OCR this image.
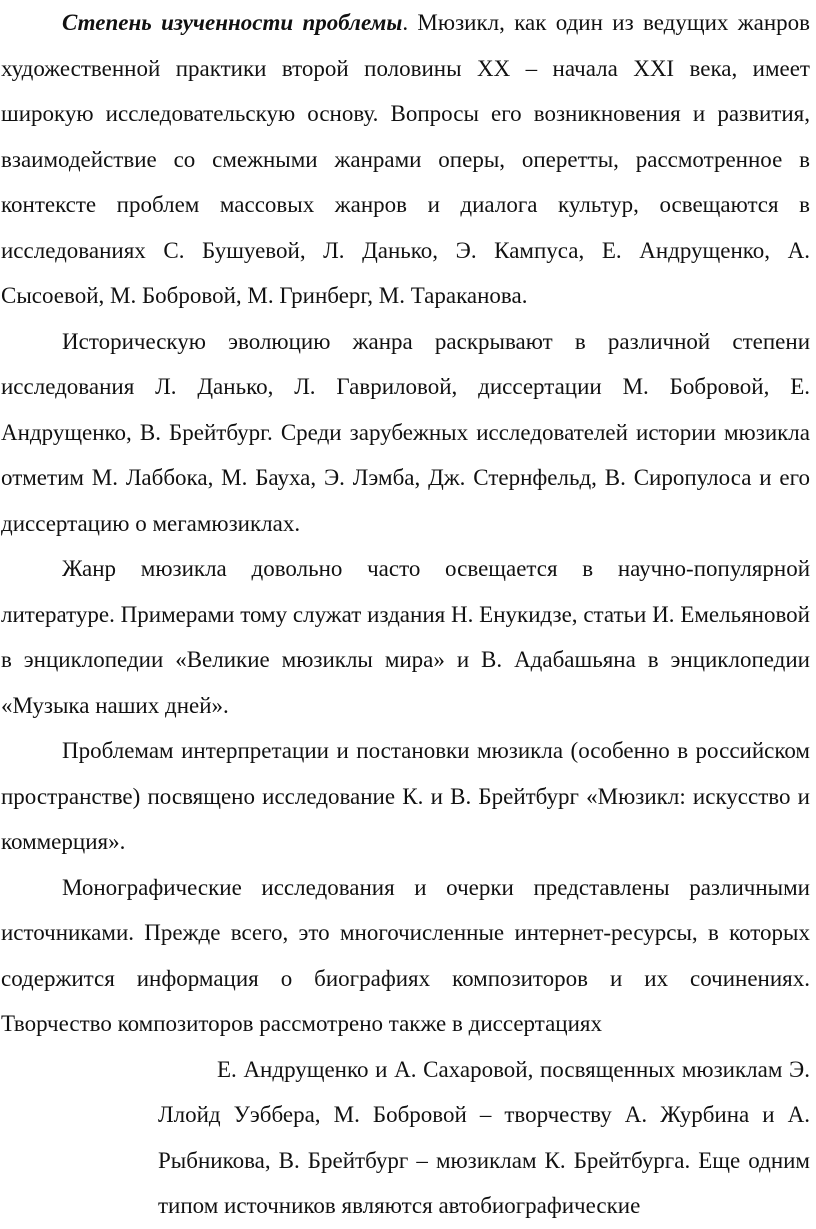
Степень изученности проблемы. Мюзикл, как один из ведущих жанров художественной практики второй половины ХХ – начала XXI века, имеет широкую исследовательскую основу. Вопросы его возникновения и развития, взаимодействие со смежными жанрами оперы, оперетты, рассмотренное в контексте проблем массовых жанров и диалога культур, освещаются в исследованиях С. Бушуевой, Л. Данько, Э. Кампуса, Е. Андрущенко, А. Сысоевой, М. Бобровой, М. Гринберг, М. Тараканова.

Историческую эволюцию жанра раскрывают в различной степени исследования Л. Данько, Л. Гавриловой, диссертации М. Бобровой, Е. Андрущенко, В. Брейтбург. Среди зарубежных исследователей истории мюзикла отметим М. Лаббока, М. Бауха, Э. Лэмба, Дж. Стернфельд, В. Сиропулоса и его диссертацию о мегамюзиклах.

Жанр мюзикла довольно часто освещается в научно-популярной литературе. Примерами тому служат издания Н. Енукидзе, статьи И. Емельяновой в энциклопедии «Великие мюзиклы мира» и В. Адабашьяна в энциклопедии «Музыка наших дней».

Проблемам интерпретации и постановки мюзикла (особенно в российском пространстве) посвящено исследование К. и В. Брейтбург «Мюзикл: искусство и коммерция».

Монографические исследования и очерки представлены различными источниками. Прежде всего, это многочисленные интернет-ресурсы, в которых содержится информация о биографиях композиторов и их сочинениях. Творчество композиторов рассмотрено также в диссертациях

Е. Андрущенко и А. Сахаровой, посвященных мюзиклам Э. Ллойд Уэббера, М. Бобровой – творчеству А. Журбина и А. Рыбникова, В. Брейтбург – мюзиклам К. Брейтбурга. Еще одним типом источников являются автобиографические
